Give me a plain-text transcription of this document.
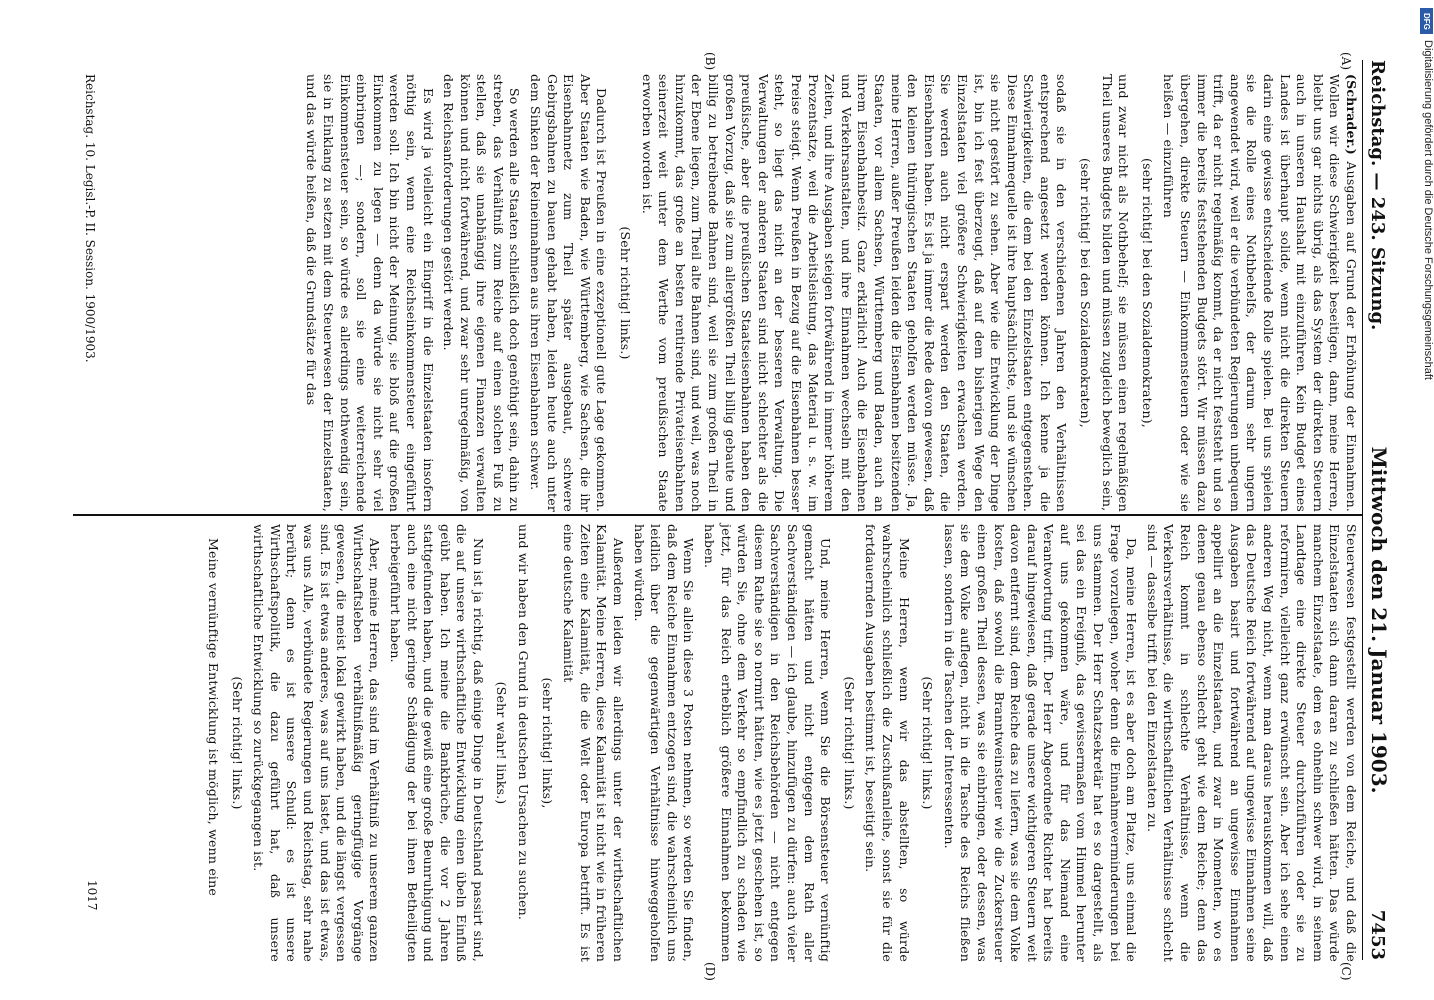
Reichstag. — 243. Sitzung.
Mittwoch den 21. Januar 1903.
7453
(A)
(B)
(C)
(D)

(Schrader.) Ausgaben auf Grund der Erhöhung der Einnahmen. Wollen wir diese Schwierigkeit beseitigen, dann, meine Herren, bleibt uns gar nichts übrig, als das System der direkten Steuern auch in unseren Haushalt mit einzuführen. Kein Budget eines Landes ist überhaupt solide, wenn nicht die direkten Steuern darin eine gewisse entscheidende Rolle spielen. Bei uns spielen sie die Rolle eines Nothbehelfs, der darum sehr ungern angewendet wird, weil er die verbündeten Regierungen unbequem trifft, da er nicht regelmäßig kommt, da er nicht feststeht und so immer die bereits feststehenden Budgets stört. Wir müssen dazu übergehen, direkte Steuern — Einkommensteuern oder wie sie heißen — einzuführen

(sehr richtig! bei den Sozialdemokraten),

und zwar nicht als Nothbehelf; sie müssen einen regelmäßigen Theil unseres Budgets bilden und müssen zugleich beweglich sein,

(sehr richtig! bei den Sozialdemokraten),

sodaß sie in den verschiedenen Jahren den Verhältnissen entsprechend angesetzt werden können. Ich kenne ja die Schwierigkeiten, die dem bei den Einzelstaaten entgegenstehen. Diese Einnahmequelle ist ihre hauptsächlichste, und sie wünschen sie nicht gestört zu sehen. Aber wie die Entwicklung der Dinge ist, bin ich fest überzeugt, daß auf dem bisherigen Wege den Einzelstaaten viel größere Schwierigkeiten erwachsen werden. Sie werden auch nicht erspart werden den Staaten, die Eisenbahnen haben. Es ist ja immer die Rede davon gewesen, daß den kleinen thüringischen Staaten geholfen werden müsse. Ja, meine Herren, außer Preußen leiden die Eisenbahnen besitzenden Staaten, vor allem Sachsen, Württemberg und Baden, auch an ihrem Eisenbahnbesitz. Ganz erklärlich! Auch die Eisenbahnen und Verkehrsanstalten, und ihre Einnahmen wechseln mit den Zeiten, und ihre Ausgaben steigen fortwährend in immer höherem Prozentsatze, weil die Arbeitsleistung, das Material u. s. w. im Preise steigt. Wenn Preußen in Bezug auf die Eisenbahnen besser steht, so liegt das nicht an der besseren Verwaltung. Die Verwaltungen der anderen Staaten sind nicht schlechter als die preußische, aber die preußischen Staatseisenbahnen haben den großen Vorzug, daß sie zum allergrößten Theil billig gebaute und billig zu betreibende Bahnen sind, weil sie zum großen Theil in der Ebene liegen, zum Theil alte Bahnen sind, und weil, was noch hinzukommt, das große an besten rentirende Privateisenbahnen seinerzeit weit unter dem Werthe vom preußischen Staate erworben worden ist.

(Sehr richtig! links.)

Dadurch ist Preußen in eine exzeptionell gute Lage gekommen. Aber Staaten wie Baden, wie Württemberg, wie Sachsen, die ihr Eisenbahnnetz zum Theil später ausgebaut, schwere Gebirgsbahnen zu bauen gehabt haben, leiden heute auch unter dem Sinken der Reineinnahmen aus ihren Eisenbahnen schwer.

So werden alle Staaten schließlich doch genöthigt sein, dahin zu streben, das Verhältniß zum Reiche auf einen solchen Fuß zu stellen, daß sie unabhängig ihre eigenen Finanzen verwalten können und nicht fortwährend, und zwar sehr unregelmäßig, von den Reichsanforderungen gestört werden.

Es wird ja vielleicht ein Eingriff in die Einzelstaaten insofern nöthig sein, wenn eine Reichseinkommensteuer eingeführt werden soll. Ich bin nicht der Meinung, sie bloß auf die großen Einkommen zu legen — denn da würde sie nicht sehr viel einbringen —; sondern, soll sie eine weiterreichende Einkommensteuer sein, so würde es allerdings nothwendig sein, sie in Einklang zu setzen mit dem Steuerwesen der Einzelstaaten, und das würde heißen, daß die Grundsätze für das

Steuerwesen festgestellt werden von dem Reiche, und daß die Einzelstaaten sich dann daran zu schließen hätten. Das würde manchem Einzelstaate, dem es ohnehin schwer wird, in seinem Landtage eine direkte Steuer durchzuführen oder sie zu reformiren, vielleicht ganz erwünscht sein. Aber ich sehe einen anderen Weg nicht, wenn man daraus herauskommen will, daß das Deutsche Reich fortwährend auf ungewisse Einnahmen seine Ausgaben basirt und fortwährend an ungewisse Einnahmen appellirt an die Einzelstaaten, und zwar in Momenten, wo es denen genau ebenso schlecht geht wie dem Reiche; denn das Reich kommt in schlechte Verhältnisse, wenn die Verkehrsverhältnisse, die wirthschaftlichen Verhältnisse schlecht sind — dasselbe trifft bei den Einzelstaaten zu.

Da, meine Herren, ist es aber doch am Platze, uns einmal die Frage vorzulegen, woher denn die Einnahmeverminderungen bei uns stammen. Der Herr Schatzsekretär hat es so dargestellt, als sei das ein Ereigniß, das gewissermaßen vom Himmel herunter auf uns gekommen wäre, und für das Niemand eine Verantwortung trifft. Der Herr Abgeordnete Richter hat bereits darauf hingewiesen, daß gerade unsere wichtigeren Steuern weit davon entfernt sind, dem Reiche das zu liefern, was sie dem Volke kosten, daß sowohl die Branntweinsteuer wie die Zuckersteuer einen großen Theil dessen, was sie einbringen, oder dessen, was sie dem Volke auflegen, nicht in die Tasche des Reichs fließen lassen, sondern in die Taschen der Interessenten.

(Sehr richtig! links.)

Meine Herren, wenn wir das abstellten, so würde wahrscheinlich schließlich die Zuschußanleihe, sonst sie für die fortdauernden Ausgaben bestimmt ist, beseitigt sein.

(Sehr richtig! links.)

Und, meine Herren, wenn Sie die Börsensteuer vernünftig gemacht hätten und nicht entgegen dem Rath aller Sachverständigen — ich glaube, hinzufügen zu dürfen: auch vieler Sachverständigen in den Reichsbehörden — nicht entgegen diesem Rathe sie so normirt hätten, wie es jetzt geschehen ist, so würden Sie, ohne dem Verkehr so empfindlich zu schaden wie jetzt, für das Reich erheblich größere Einnahmen bekommen haben.

Wenn Sie allein diese 3 Posten nehmen, so werden Sie finden, daß dem Reiche Einnahmen entzogen sind, die wahrscheinlich uns leidlich über die gegenwärtigen Verhältnisse hinweggeholfen haben würden.

Außerdem leiden wir allerdings unter der wirthschaftlichen Kalamität. Meine Herren, diese Kalamität ist nicht wie in früheren Zeiten eine Kalamität, die die Welt oder Europa betrifft. Es ist eine deutsche Kalamität

(sehr richtig! links),

und wir haben den Grund in deutschen Ursachen zu suchen.

(Sehr wahr! links.)

Nun ist ja richtig, daß einige Dinge in Deutschland passirt sind, die auf unsere wirthschaftliche Entwicklung einen übeln Einfluß geübt haben. Ich meine die Bankbrüche, die vor 2 Jahren stattgefunden haben, und die gewiß eine große Beunruhigung und auch eine nicht geringe Schädigung der bei ihnen Betheiligten herbeigeführt haben.

Aber, meine Herren, das sind im Verhältniß zu unserem ganzen Wirthschaftsleben verhältnißmäßig geringfügige Vorgänge gewesen, die meist lokal gewirkt haben, und die längst vergessen sind. Es ist etwas anderes, was auf uns lastet, und das ist etwas, was uns Alle, verbündete Regierungen und Reichstag, sehr nahe berührt; denn es ist unsere Schuld: es ist unsere Wirthschaftspolitik, die dazu geführt hat, daß unsere wirthschaftliche Entwicklung so zurückgegangen ist.

(Sehr richtig! links.)

Meine vernünftige Entwicklung ist möglich, wenn eine

Reichstag. 10. Legisl.-P. II. Session. 1900/1903.
1017
DFG
Digitalisierung gefördert durch die Deutsche Forschungsgemeinschaft
